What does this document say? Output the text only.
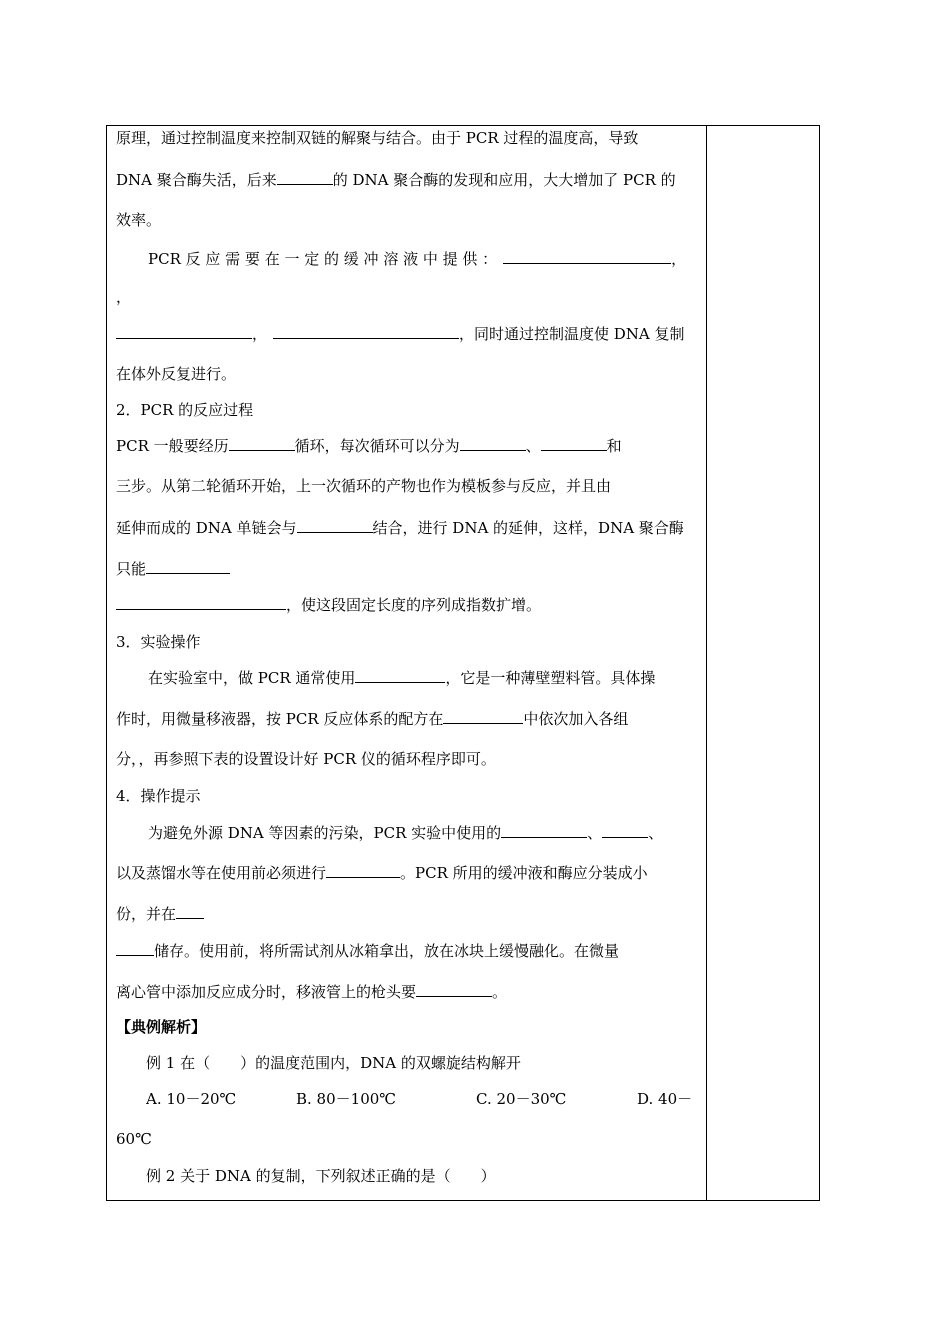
原理，通过控制温度来控制双链的解聚与结合。由于 PCR 过程的温度高，导致
DNA 聚合酶失活，后来	的 DNA 聚合酶的发现和应用，大大增加了 PCR 的
效率。
PCR 反 应 需 要 在 一 定 的 缓 冲 溶 液 中 提 供 ：	，
，
，	，同时通过控制温度使 DNA 复制
在体外反复进行。
2．PCR 的反应过程
PCR 一般要经历	循环，每次循环可以分为	、	和
三步。从第二轮循环开始，上一次循环的产物也作为模板参与反应，并且由
延伸而成的 DNA 单链会与	结合，进行 DNA 的延伸，这样，DNA 聚合酶
只能
，使这段固定长度的序列成指数扩增。
3．实验操作
在实验室中，做 PCR 通常使用	，它是一种薄壁塑料管。具体操
作时，用微量移液器，按 PCR 反应体系的配方在	中依次加入各组
分，，再参照下表的设置设计好 PCR 仪的循环程序即可。
4．操作提示
为避免外源 DNA 等因素的污染，PCR 实验中使用的	、	、
以及蒸馏水等在使用前必须进行	。PCR 所用的缓冲液和酶应分装成小
份，并在
储存。使用前，将所需试剂从冰箱拿出，放在冰块上缓慢融化。在微量
离心管中添加反应成分时，移液管上的枪头要	。
【典例解析】
例 1 在（　　）的温度范围内，DNA 的双螺旋结构解开
A. 10－20℃	B. 80－100℃	C. 20－30℃	D. 40－
60℃
例 2 关于 DNA 的复制，下列叙述正确的是（　　）
